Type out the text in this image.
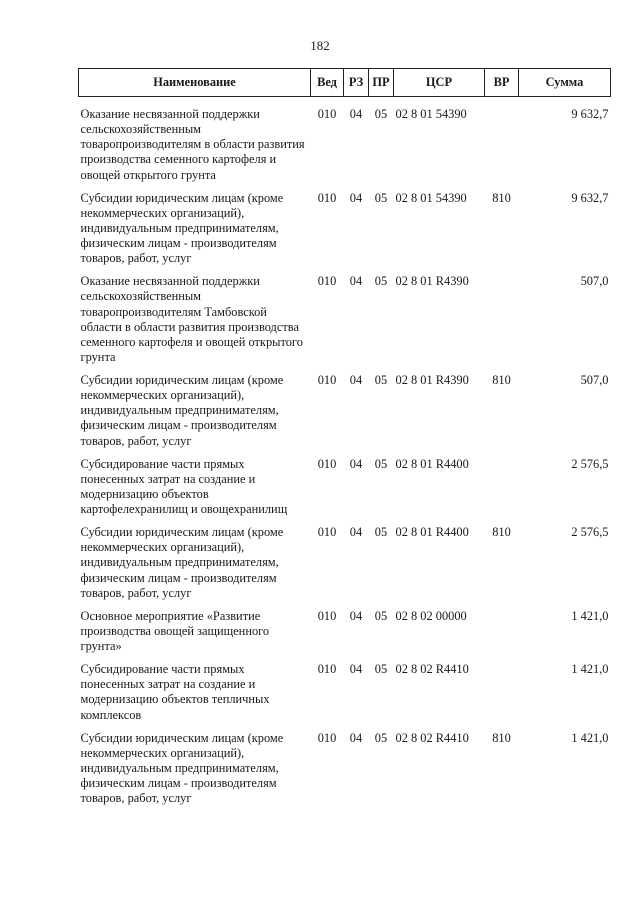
182
Наименование	Вед	РЗ	ПР	ЦСР	ВР	Сумма
Оказание несвязанной поддержки сельскохозяйственным товаропроизводителям в области развития производства семенного картофеля и овощей открытого грунта	010	04	05	02 8 01 54390		9 632,7
Субсидии юридическим лицам (кроме некоммерческих организаций), индивидуальным предпринимателям, физическим лицам - производителям товаров, работ, услуг	010	04	05	02 8 01 54390	810	9 632,7
Оказание несвязанной поддержки сельскохозяйственным товаропроизводителям Тамбовской области в области развития производства семенного картофеля и овощей открытого грунта	010	04	05	02 8 01 R4390		507,0
Субсидии юридическим лицам (кроме некоммерческих организаций), индивидуальным предпринимателям, физическим лицам - производителям товаров, работ, услуг	010	04	05	02 8 01 R4390	810	507,0
Субсидирование части прямых понесенных затрат на создание и модернизацию объектов картофелехранилищ и овощехранилищ	010	04	05	02 8 01 R4400		2 576,5
Субсидии юридическим лицам (кроме некоммерческих организаций), индивидуальным предпринимателям, физическим лицам - производителям товаров, работ, услуг	010	04	05	02 8 01 R4400	810	2 576,5
Основное мероприятие «Развитие производства овощей защищенного грунта»	010	04	05	02 8 02 00000		1 421,0
Субсидирование части прямых понесенных затрат на создание и модернизацию объектов тепличных комплексов	010	04	05	02 8 02 R4410		1 421,0
Субсидии юридическим лицам (кроме некоммерческих организаций), индивидуальным предпринимателям, физическим лицам - производителям товаров, работ, услуг	010	04	05	02 8 02 R4410	810	1 421,0
